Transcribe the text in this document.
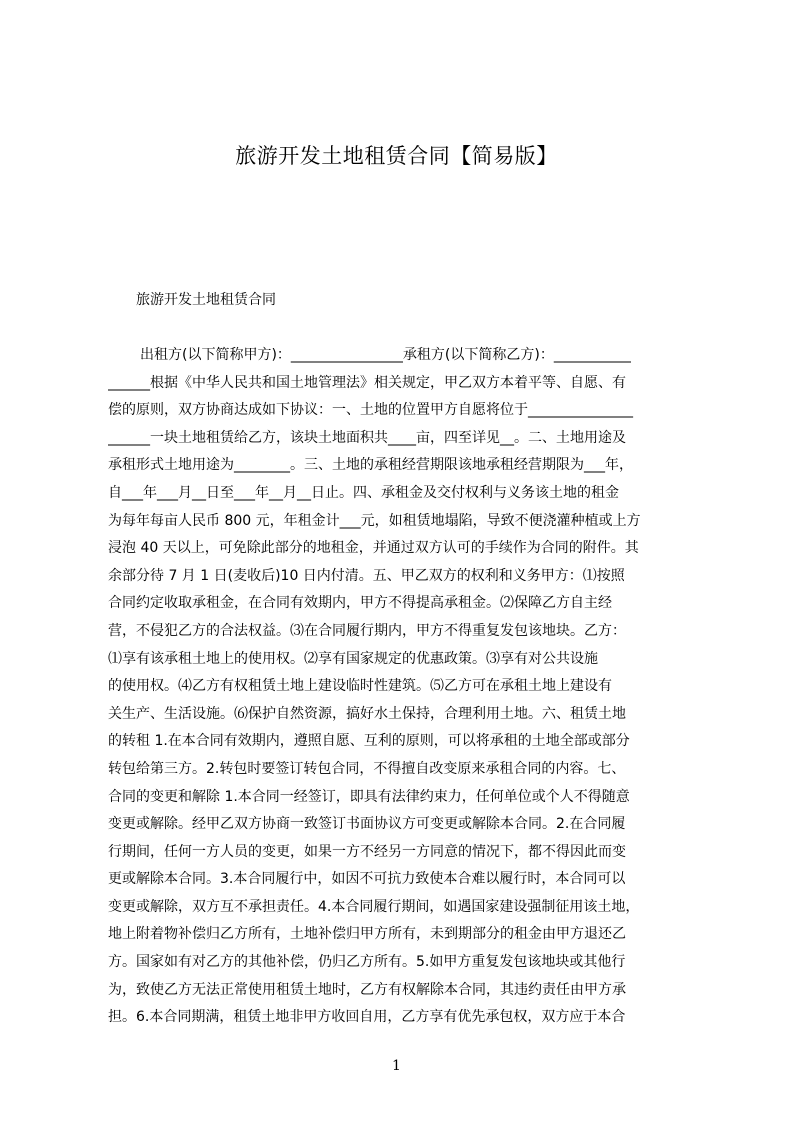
旅游开发土地租赁合同【简易版】

旅游开发土地租赁合同

出租方(以下简称甲方)：________________承租方(以下简称乙方)：___________
______根据《中华人民共和国土地管理法》相关规定，甲乙双方本着平等、自愿、有
偿的原则，双方协商达成如下协议：一、土地的位置甲方自愿将位于_______________
______一块土地租赁给乙方，该块土地面积共____亩，四至详见__。二、土地用途及
承租形式土地用途为________。三、土地的承租经营期限该地承租经营期限为___年，
自___年___月__日至___年__月__日止。四、承租金及交付权利与义务该土地的租金
为每年每亩人民币 800 元，年租金计___元，如租赁地塌陷，导致不便浇灌种植或上方
浸泡 40 天以上，可免除此部分的地租金，并通过双方认可的手续作为合同的附件。其
余部分待 7 月 1 日(麦收后)10 日内付清。五、甲乙双方的权利和义务甲方：⑴按照
合同约定收取承租金，在合同有效期内，甲方不得提高承租金。⑵保障乙方自主经
营，不侵犯乙方的合法权益。⑶在合同履行期内，甲方不得重复发包该地块。乙方：
⑴享有该承租土地上的使用权。⑵享有国家规定的优惠政策。⑶享有对公共设施
的使用权。⑷乙方有权租赁土地上建设临时性建筑。⑸乙方可在承租土地上建设有
关生产、生活设施。⑹保护自然资源，搞好水土保持，合理利用土地。六、租赁土地
的转租 1.在本合同有效期内，遵照自愿、互利的原则，可以将承租的土地全部或部分
转包给第三方。2.转包时要签订转包合同，不得擅自改变原来承租合同的内容。七、
合同的变更和解除 1.本合同一经签订，即具有法律约束力，任何单位或个人不得随意
变更或解除。经甲乙双方协商一致签订书面协议方可变更或解除本合同。2.在合同履
行期间，任何一方人员的变更，如果一方不经另一方同意的情况下，都不得因此而变
更或解除本合同。3.本合同履行中，如因不可抗力致使本合难以履行时，本合同可以
变更或解除，双方互不承担责任。4.本合同履行期间，如遇国家建设强制征用该土地，
地上附着物补偿归乙方所有，土地补偿归甲方所有，未到期部分的租金由甲方退还乙
方。国家如有对乙方的其他补偿，仍归乙方所有。5.如甲方重复发包该地块或其他行
为，致使乙方无法正常使用租赁土地时，乙方有权解除本合同，其违约责任由甲方承
担。6.本合同期满，租赁土地非甲方收回自用，乙方享有优先承包权，双方应于本合
1
